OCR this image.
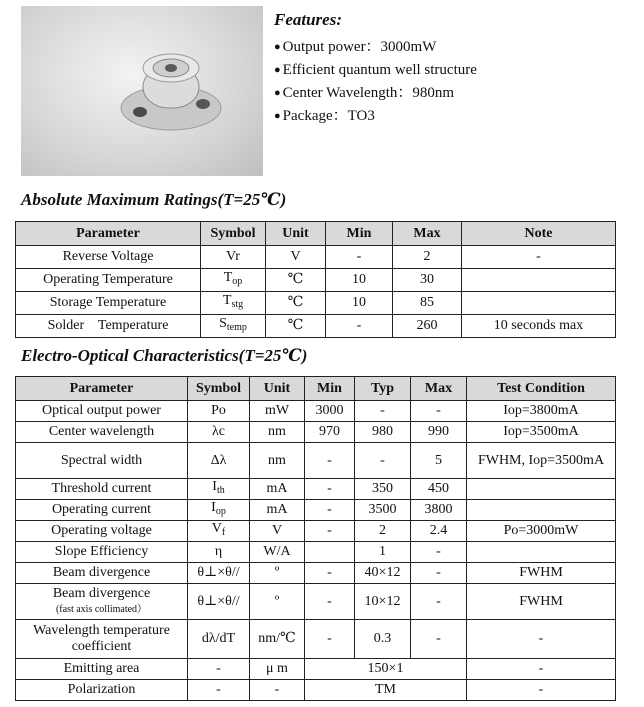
Features:
● Output power：3000mW
● Efficient quantum well structure
● Center Wavelength：980nm
● Package：TO3
Absolute Maximum Ratings(T=25℃)
Parameter	Symbol	Unit	Min	Max	Note
Reverse Voltage	Vr	V	-	2	-
Operating Temperature	$T_{op}$	℃	10	30	
Storage Temperature	$T_{stg}$	℃	10	85	
Solder    Temperature	$S_{temp}$	℃	-	260	10 seconds max
Electro-Optical Characteristics(T=25℃)
Parameter	Symbol	Unit	Min	Typ	Max	Test Condition
Optical output power	Po	mW	3000	-	-	Iop=3800mA
Center wavelength	λc	nm	970	980	990	Iop=3500mA
Spectral width	Δλ	nm	-	-	5	FWHM, Iop=3500mA
Threshold current	$I_{th}$	mA	-	350	450	
Operating current	$I_{op}$	mA	-	3500	3800	
Operating voltage	$V_f$	V	-	2	2.4	Po=3000mW
Slope Efficiency	η	W/A		1	-	
Beam divergence	θ⊥×θ//	º	-	40×12	-	FWHM

Beam divergence
(fast axis collimated）	θ⊥×θ//	º	-	10×12	-	FWHM

Wavelength temperature
coefficient	dλ/dT	nm/℃	-	0.3	-	-
Emitting area	-	μ m	150×1			-
Polarization	-	-	TM			-
